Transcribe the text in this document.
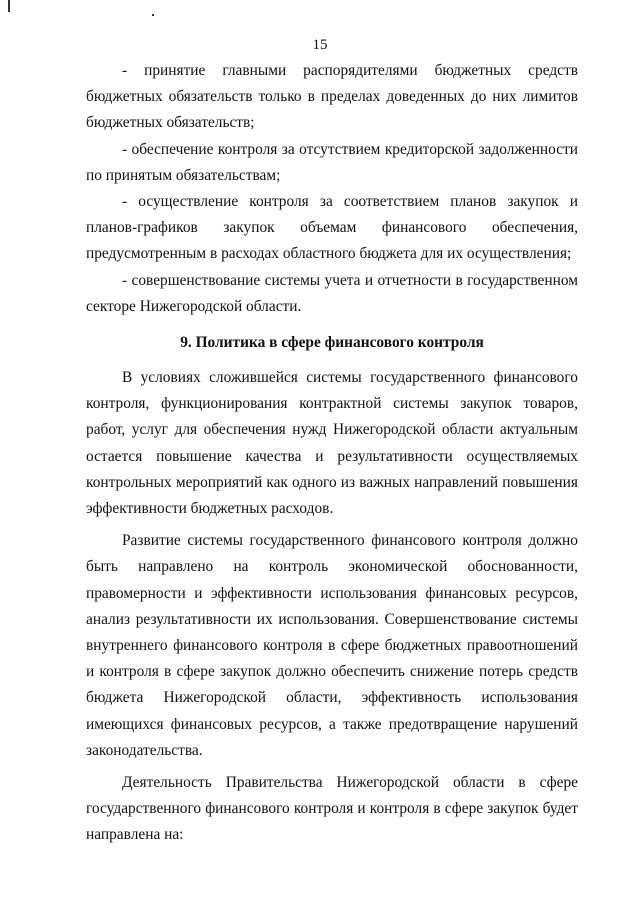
15

- принятие главными распорядителями бюджетных средств бюджетных обязательств только в пределах доведенных до них лимитов бюджетных обязательств;

- обеспечение контроля за отсутствием кредиторской задолженности по принятым обязательствам;

- осуществление контроля за соответствием планов закупок и планов-графиков закупок объемам финансового обеспечения, предусмотренным в расходах областного бюджета для их осуществления;

- совершенствование системы учета и отчетности в государственном секторе Нижегородской области.

9. Политика в сфере финансового контроля

В условиях сложившейся системы государственного финансового контроля, функционирования контрактной системы закупок товаров, работ, услуг для обеспечения нужд Нижегородской области актуальным остается повышение качества и результативности осуществляемых контрольных мероприятий как одного из важных направлений повышения эффективности бюджетных расходов.

Развитие системы государственного финансового контроля должно быть направлено на контроль экономической обоснованности, правомерности и эффективности использования финансовых ресурсов, анализ результативности их использования. Совершенствование системы внутреннего финансового контроля в сфере бюджетных правоотношений и контроля в сфере закупок должно обеспечить снижение потерь средств бюджета Нижегородской области, эффективность использования имеющихся финансовых ресурсов, а также предотвращение нарушений законодательства.

Деятельность Правительства Нижегородской области в сфере государственного финансового контроля и контроля в сфере закупок будет направлена на:
